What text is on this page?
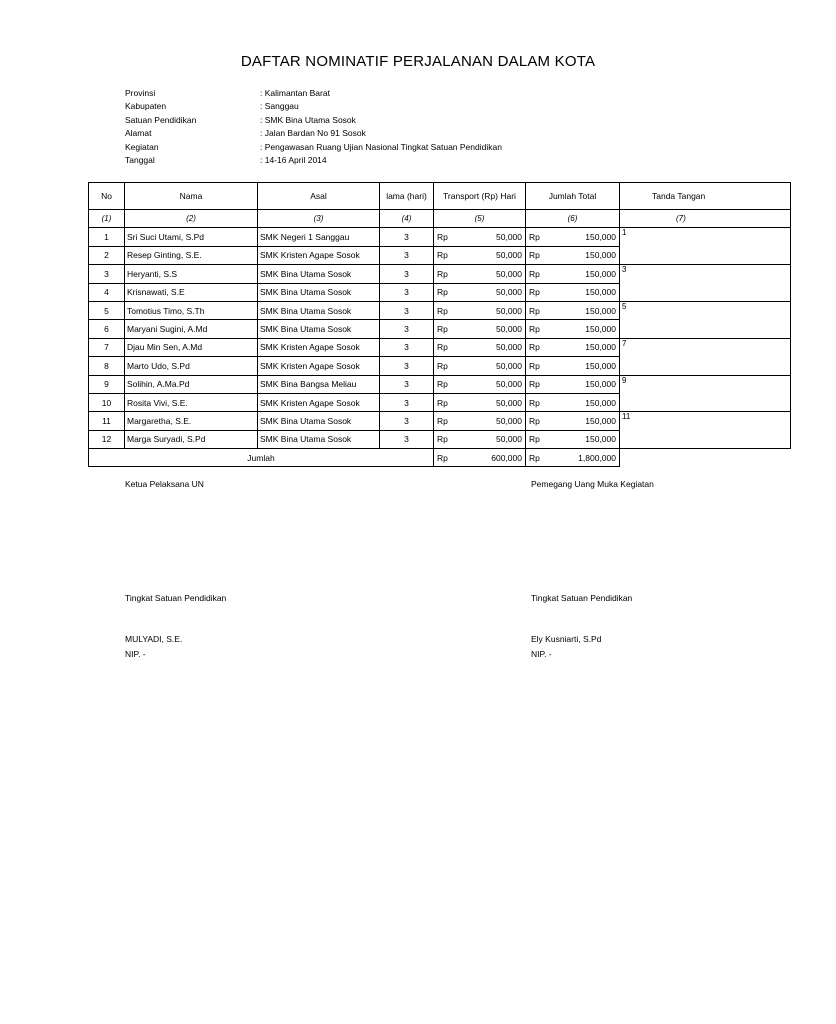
DAFTAR NOMINATIF PERJALANAN DALAM KOTA
Provinsi	: Kalimantan Barat
Kabupaten	: Sanggau
Satuan Pendidikan	: SMK Bina Utama Sosok
Alamat	: Jalan Bardan No 91 Sosok
Kegiatan	: Pengawasan Ruang Ujian Nasional Tingkat Satuan Pendidikan
Tanggal	: 14-16 April 2014
No	Nama	Asal	lama (hari)	Transport (Rp) Hari	Jumlah Total	Tanda Tangan
(1)	(2)	(3)	(4)	(5)	(6)	(7)
1	Sri Suci Utami, S.Pd	SMK Negeri 1 Sanggau	3	Rp 50,000	Rp 150,000	1
2	Resep Ginting, S.E.	SMK Kristen Agape Sosok	3	Rp 50,000	Rp 150,000	

3	Heryanti, S.S	SMK Bina Utama Sosok	3	Rp 50,000	Rp 150,000	3
4	Krisnawati, S.E	SMK Bina Utama Sosok	3	Rp 50,000	Rp 150,000	

5	Tomotius Timo, S.Th	SMK Bina Utama Sosok	3	Rp 50,000	Rp 150,000	5
6	Maryani Sugini, A.Md	SMK Bina Utama Sosok	3	Rp 50,000	Rp 150,000	

7	Djau Min Sen, A.Md	SMK Kristen Agape Sosok	3	Rp 50,000	Rp 150,000	7
8	Marto Udo, S.Pd	SMK Kristen Agape Sosok	3	Rp 50,000	Rp 150,000	

9	Solihin, A.Ma.Pd	SMK Bina Bangsa Meliau	3	Rp 50,000	Rp 150,000	9
10	Rosita Vivi, S.E.	SMK Kristen Agape Sosok	3	Rp 50,000	Rp 150,000	

11	Margaretha, S.E.	SMK Bina Utama Sosok	3	Rp 50,000	Rp 150,000	11
12	Marga Suryadi, S.Pd	SMK Bina Utama Sosok	3	Rp 50,000	Rp 150,000	

Jumlah				Rp 600,000	Rp 1,800,000	

Ketua Pelaksana UN	Pemegang Uang Muka Kegiatan
Tingkat Satuan Pendidikan	Tingkat Satuan Pendidikan
MULYADI, S.E.	Ely Kusniarti, S.Pd
NIP. -	NIP. -
